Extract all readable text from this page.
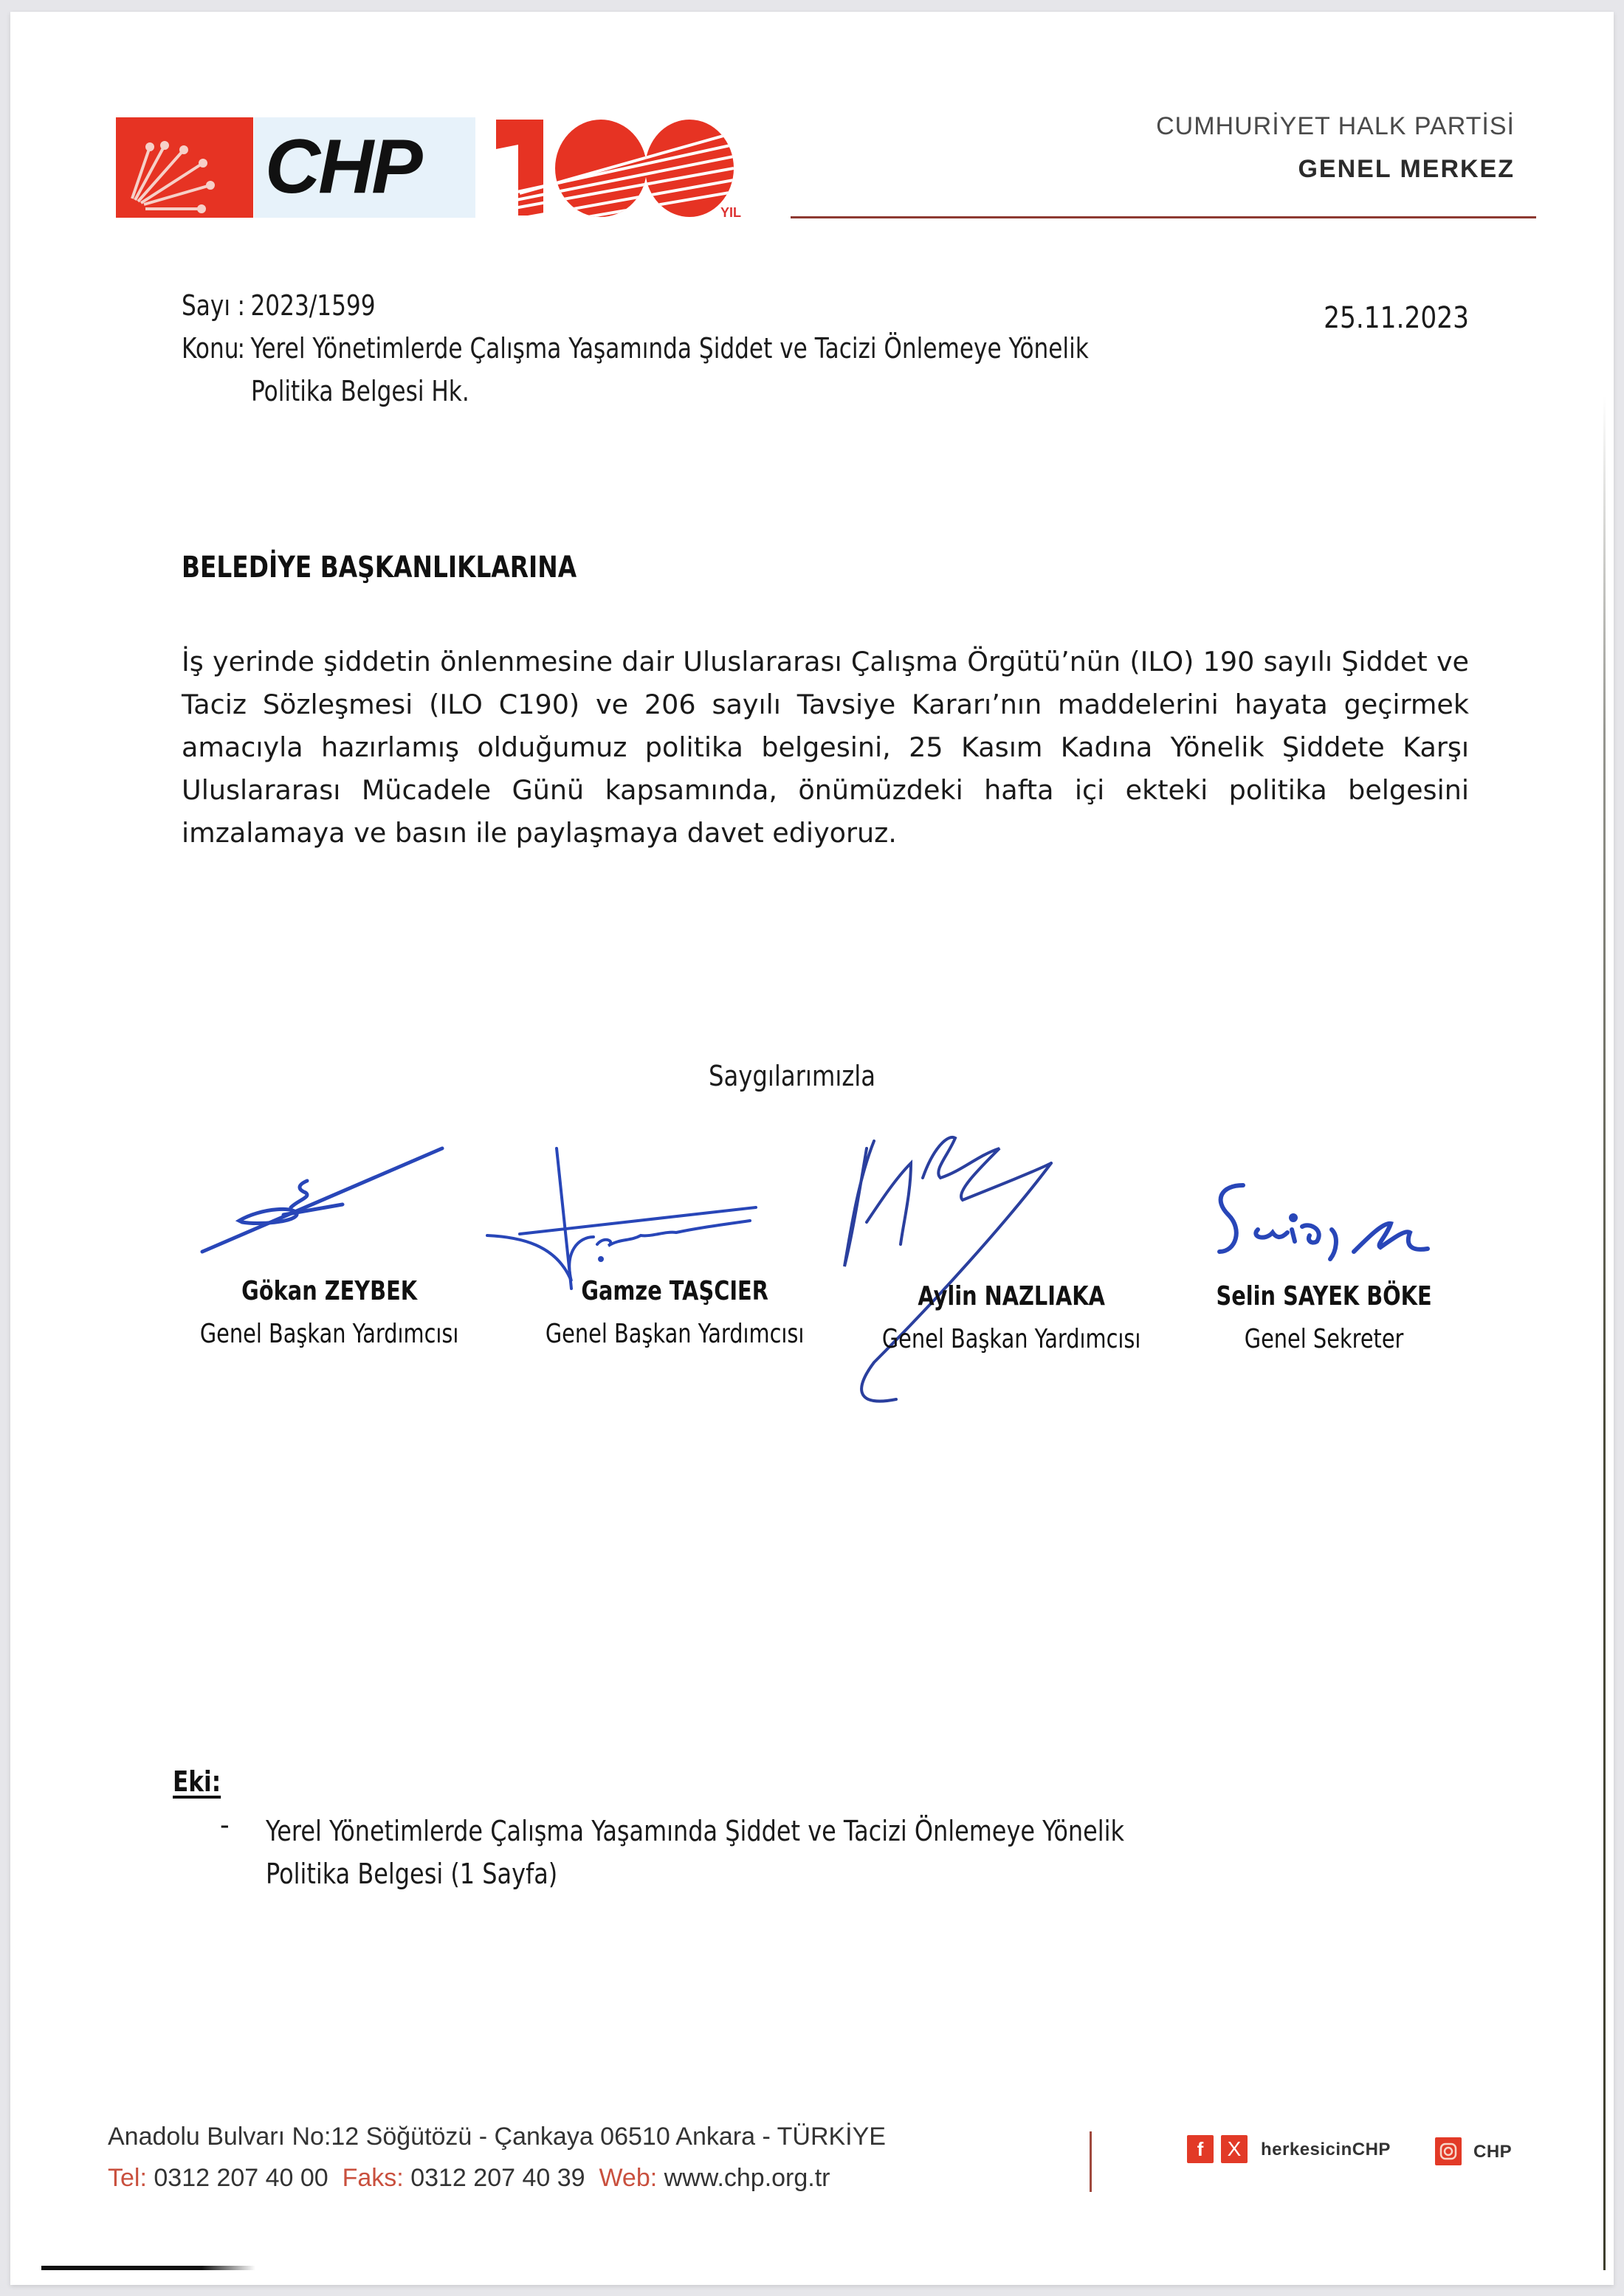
CHP
YIL
CUMHURİYET HALK PARTİSİ
GENEL MERKEZ
Sayı : 2023/1599	25.11.2023
Konu: Yerel Yönetimlerde Çalışma Yaşamında Şiddet ve Tacizi Önlemeye Yönelik
Politika Belgesi Hk.
BELEDİYE BAŞKANLIKLARINA
İş yerinde şiddetin önlenmesine dair Uluslararası Çalışma Örgütü’nün (ILO) 190 sayılı Şiddet ve Taciz Sözleşmesi (ILO C190) ve 206 sayılı Tavsiye Kararı’nın maddelerini hayata geçirmek amacıyla hazırlamış olduğumuz politika belgesini, 25 Kasım Kadına Yönelik Şiddete Karşı Uluslararası Mücadele Günü kapsamında, önümüzdeki hafta içi ekteki politika belgesini imzalamaya ve basın ile paylaşmaya davet ediyoruz.
Saygılarımızla
Gökan ZEYBEK
Genel Başkan Yardımcısı
Gamze TAŞCIER
Genel Başkan Yardımcısı
Aylin NAZLIAKA
Genel Başkan Yardımcısı
Selin SAYEK BÖKE
Genel Sekreter
Eki:
- Yerel Yönetimlerde Çalışma Yaşamında Şiddet ve Tacizi Önlemeye Yönelik
Politika Belgesi (1 Sayfa)
Anadolu Bulvarı No:12 Söğütözü - Çankaya 06510 Ankara - TÜRKİYE
Tel: 0312 207 40 00 Faks: 0312 207 40 39 Web: www.chp.org.tr
f	X	herkesicinCHP	CHP
